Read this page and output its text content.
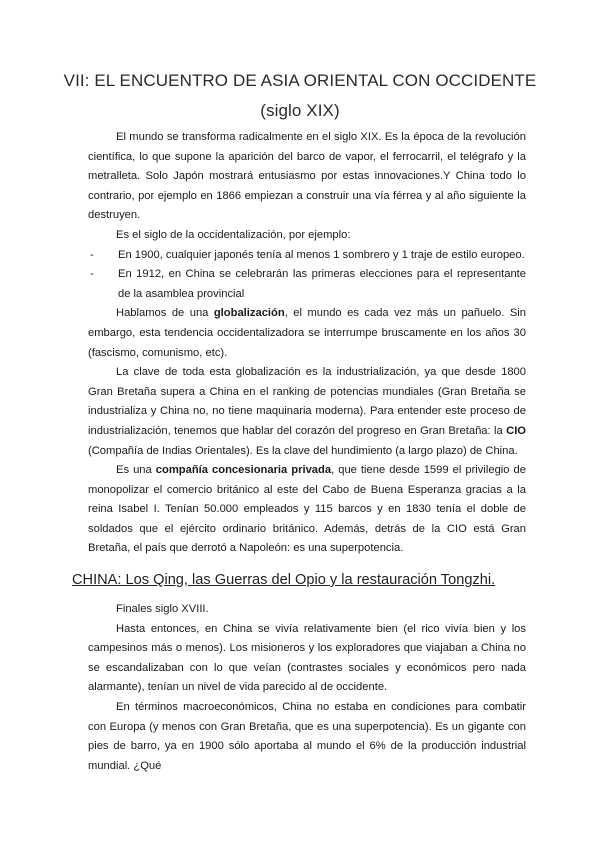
VII: EL ENCUENTRO DE ASIA ORIENTAL CON OCCIDENTE
(siglo XIX)

El mundo se transforma radicalmente en el siglo XIX. Es la época de la revolución científica, lo que supone la aparición del barco de vapor, el ferrocarril, el telégrafo y la metralleta. Solo Japón mostrará entusiasmo por estas innovaciones.Y China todo lo contrario, por ejemplo en 1866 empiezan a construir una vía férrea y al año siguiente la destruyen.

Es el siglo de la occidentalización, por ejemplo:

- En 1900, cualquier japonés tenía al menos 1 sombrero y 1 traje de estilo europeo.
- En 1912, en China se celebrarán las primeras elecciones para el representante de la asamblea provincial

Hablamos de una globalización, el mundo es cada vez más un pañuelo. Sin embargo, esta tendencia occidentalizadora se interrumpe bruscamente en los años 30 (fascismo, comunismo, etc).

La clave de toda esta globalización es la industrialización, ya que desde 1800 Gran Bretaña supera a China en el ranking de potencias mundiales (Gran Bretaña se industrializa y China no, no tiene maquinaria moderna). Para entender este proceso de industrialización, tenemos que hablar del corazón del progreso en Gran Bretaña: la CIO (Compañía de Indias Orientales). Es la clave del hundimiento (a largo plazo) de China.

Es una compañía concesionaria privada, que tiene desde 1599 el privilegio de monopolizar el comercio británico al este del Cabo de Buena Esperanza gracias a la reina Isabel I. Tenían 50.000 empleados y 115 barcos y en 1830 tenía el doble de soldados que el ejército ordinario británico. Además, detrás de la CIO está Gran Bretaña, el país que derrotó a Napoleón: es una superpotencia.

CHINA: Los Qing, las Guerras del Opio y la restauración Tongzhi.

Finales siglo XVIII.

Hasta entonces, en China se vivía relativamente bien (el rico vivía bien y los campesinos más o menos). Los misioneros y los exploradores que viajaban a China no se escandalizaban con lo que veían (contrastes sociales y económicos pero nada alarmante), tenían un nivel de vida parecido al de occidente.

En términos macroeconómicos, China no estaba en condiciones para combatir con Europa (y menos con Gran Bretaña, que es una superpotencia). Es un gigante con pies de barro, ya en 1900 sólo aportaba al mundo el 6% de la producción industrial mundial. ¿Qué
